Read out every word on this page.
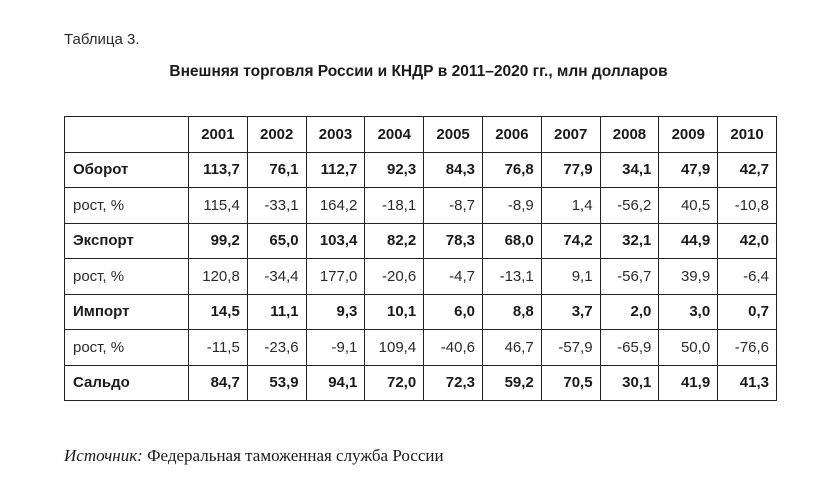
Таблица 3.
Внешняя торговля России и КНДР в 2011–2020 гг., млн долларов
	2001	2002	2003	2004	2005	2006	2007	2008	2009	2010
Оборот	113,7	76,1	112,7	92,3	84,3	76,8	77,9	34,1	47,9	42,7
рост, %	115,4	-33,1	164,2	-18,1	-8,7	-8,9	1,4	-56,2	40,5	-10,8
Экспорт	99,2	65,0	103,4	82,2	78,3	68,0	74,2	32,1	44,9	42,0
рост, %	120,8	-34,4	177,0	-20,6	-4,7	-13,1	9,1	-56,7	39,9	-6,4
Импорт	14,5	11,1	9,3	10,1	6,0	8,8	3,7	2,0	3,0	0,7
рост, %	-11,5	-23,6	-9,1	109,4	-40,6	46,7	-57,9	-65,9	50,0	-76,6
Сальдо	84,7	53,9	94,1	72,0	72,3	59,2	70,5	30,1	41,9	41,3
Источник: Федеральная таможенная служба России
